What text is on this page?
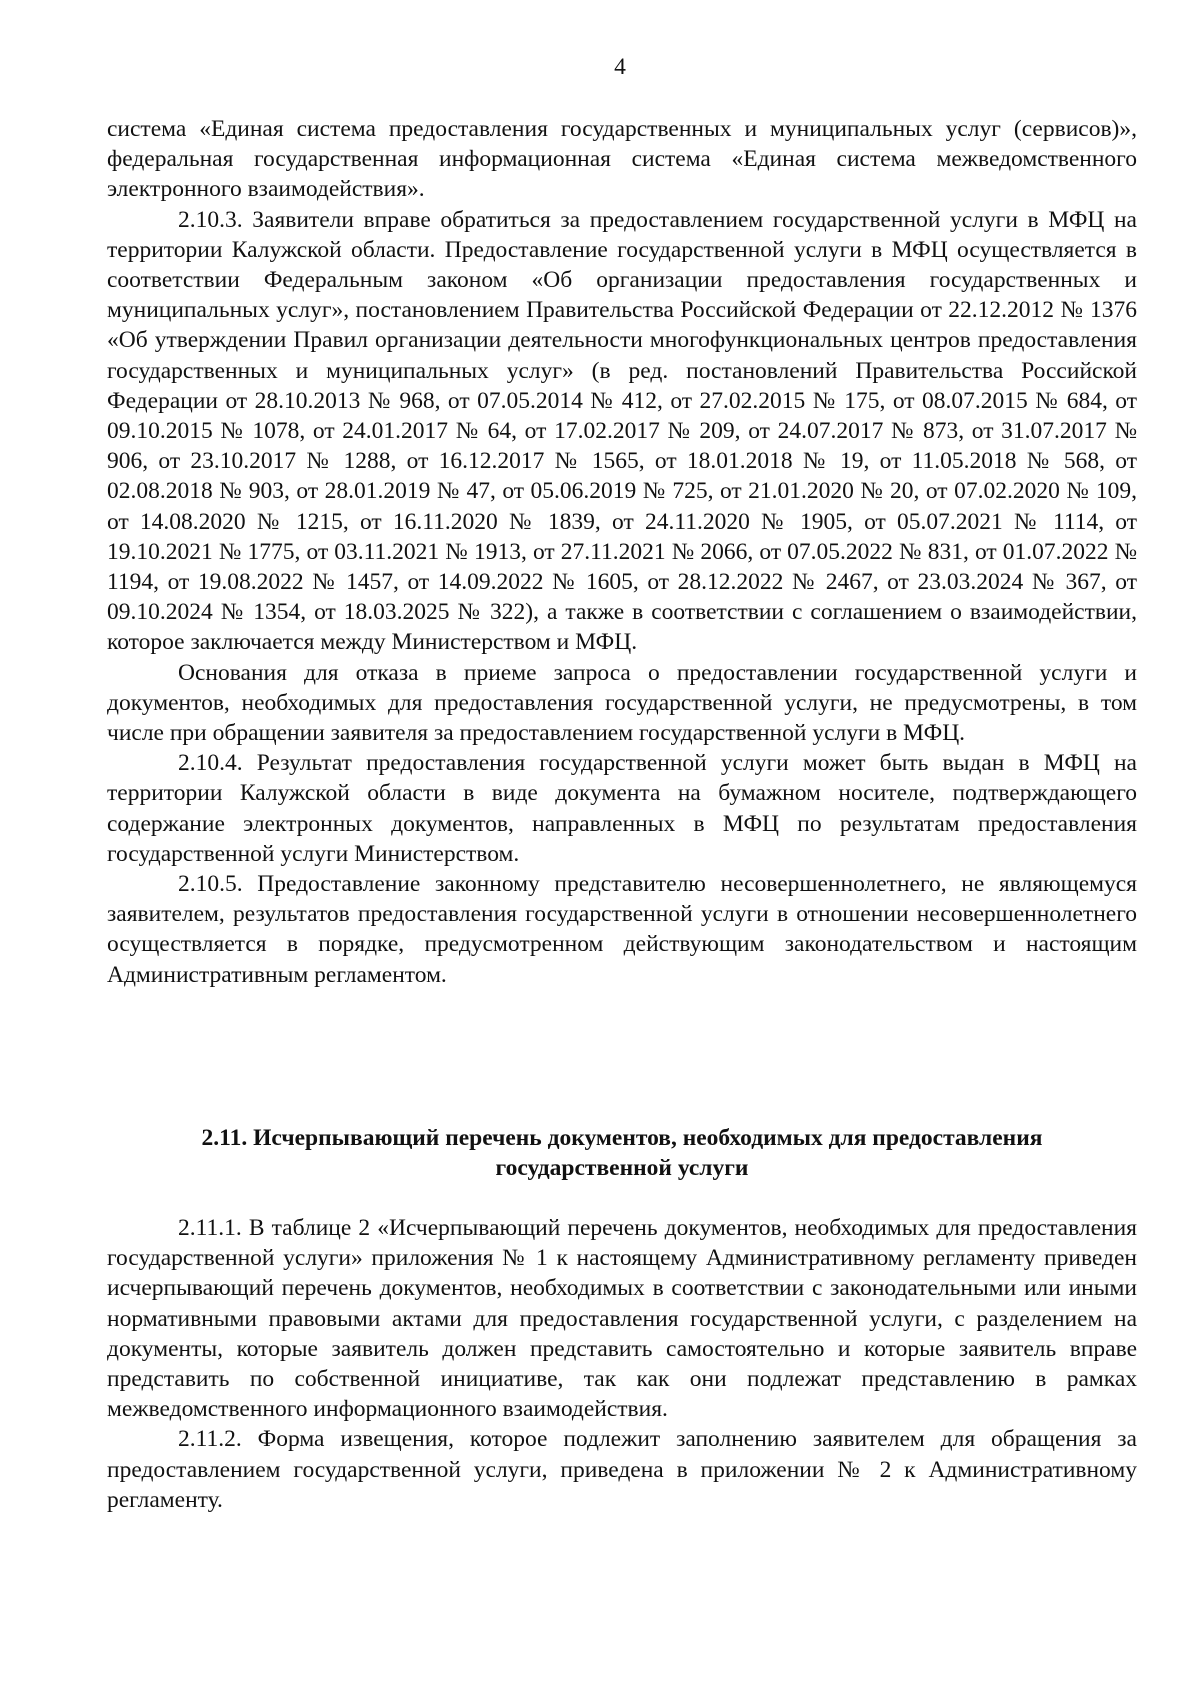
4

система «Единая система предоставления государственных и муниципальных услуг (сервисов)», федеральная государственная информационная система «Единая система межведомственного электронного взаимодействия».

2.10.3. Заявители вправе обратиться за предоставлением государственной услуги в МФЦ на территории Калужской области. Предоставление государственной услуги в МФЦ осуществляется в соответствии Федеральным законом «Об организации предоставления государственных и муниципальных услуг», постановлением Правительства Российской Федерации от 22.12.2012 № 1376 «Об утверждении Правил организации деятельности многофункциональных центров предоставления государственных и муниципальных услуг» (в ред. постановлений Правительства Российской Федерации от 28.10.2013 № 968, от 07.05.2014 № 412, от 27.02.2015 № 175, от 08.07.2015 № 684, от 09.10.2015 № 1078, от 24.01.2017 № 64, от 17.02.2017 № 209, от 24.07.2017 № 873, от 31.07.2017 № 906, от 23.10.2017 № 1288, от 16.12.2017 № 1565, от 18.01.2018 № 19, от 11.05.2018 № 568, от 02.08.2018 № 903, от 28.01.2019 № 47, от 05.06.2019 № 725, от 21.01.2020 № 20, от 07.02.2020 № 109, от 14.08.2020 № 1215, от 16.11.2020 № 1839, от 24.11.2020 № 1905, от 05.07.2021 № 1114, от 19.10.2021 № 1775, от 03.11.2021 № 1913, от 27.11.2021 № 2066, от 07.05.2022 № 831, от 01.07.2022 № 1194, от 19.08.2022 № 1457, от 14.09.2022 № 1605, от 28.12.2022 № 2467, от 23.03.2024 № 367, от 09.10.2024 № 1354, от 18.03.2025 № 322), а также в соответствии с соглашением о взаимодействии, которое заключается между Министерством и МФЦ.

Основания для отказа в приеме запроса о предоставлении государственной услуги и документов, необходимых для предоставления государственной услуги, не предусмотрены, в том числе при обращении заявителя за предоставлением государственной услуги в МФЦ.

2.10.4. Результат предоставления государственной услуги может быть выдан в МФЦ на территории Калужской области в виде документа на бумажном носителе, подтверждающего содержание электронных документов, направленных в МФЦ по результатам предоставления государственной услуги Министерством.

2.10.5. Предоставление законному представителю несовершеннолетнего, не являющемуся заявителем, результатов предоставления государственной услуги в отношении несовершеннолетнего осуществляется в порядке, предусмотренном действующим законодательством и настоящим Административным регламентом.

2.11. Исчерпывающий перечень документов, необходимых для предоставления
государственной услуги

2.11.1. В таблице 2 «Исчерпывающий перечень документов, необходимых для предоставления государственной услуги» приложения № 1 к настоящему Административному регламенту приведен исчерпывающий перечень документов, необходимых в соответствии с законодательными или иными нормативными правовыми актами для предоставления государственной услуги, с разделением на документы, которые заявитель должен представить самостоятельно и которые заявитель вправе представить по собственной инициативе, так как они подлежат представлению в рамках межведомственного информационного взаимодействия.

2.11.2. Форма извещения, которое подлежит заполнению заявителем для обращения за предоставлением государственной услуги, приведена в приложении № 2 к Административному регламенту.
